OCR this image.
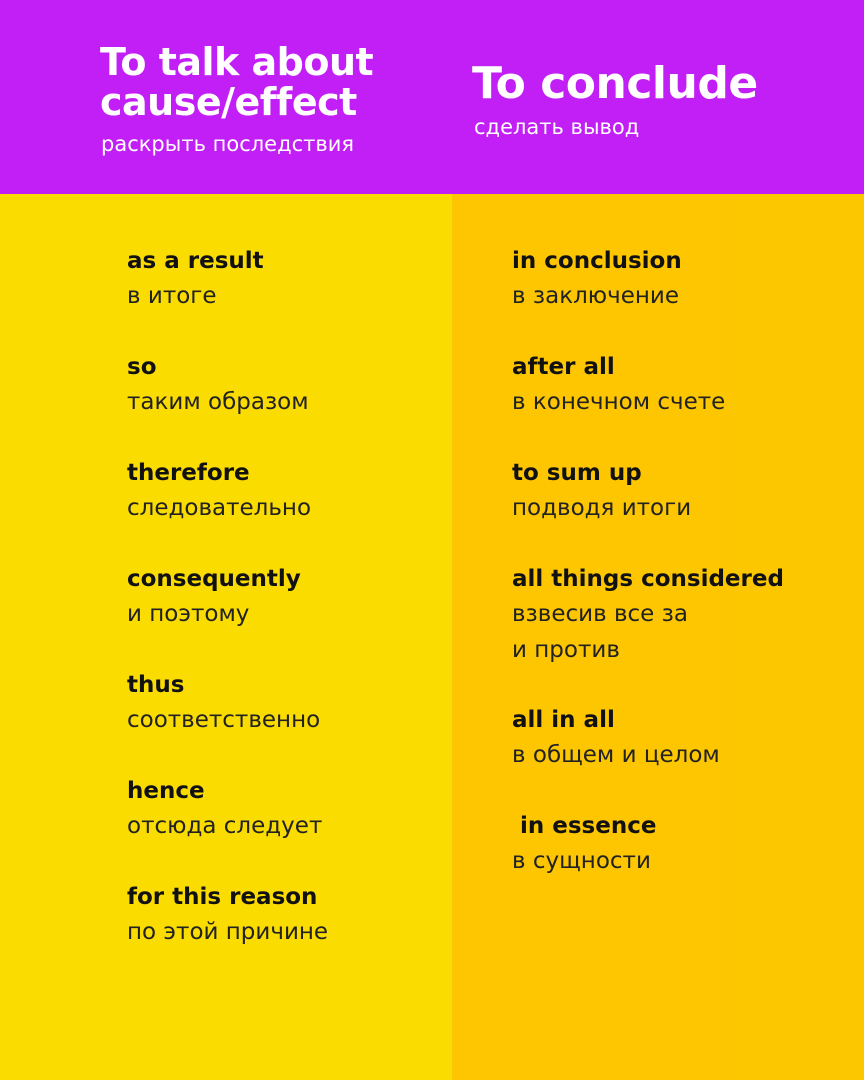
To talk about
cause/effect
раскрыть последствия
To conclude
сделать вывод
as a result
в итоге
so
таким образом
therefore
следовательно
consequently
и поэтому
thus
соответственно
hence
отсюда следует
for this reason
по этой причине
in conclusion
в заключение
after all
в конечном счете
to sum up
подводя итоги
all things considered
взвесив все за
и против
all in all
в общем и целом
in essence
в сущности
